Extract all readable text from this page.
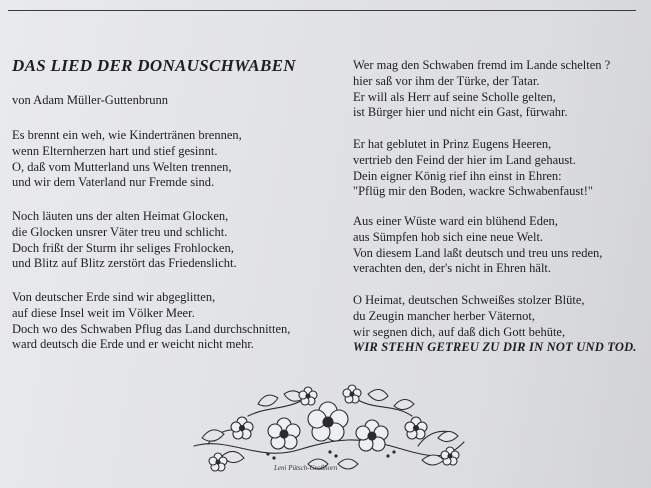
DAS LIED DER DONAUSCHWABEN
von Adam Müller-Guttenbrunn
Es brennt ein weh, wie Kindertränen brennen,
wenn Elternherzen hart und stief gesinnt.
O, daß vom Mutterland uns Welten trennen,
und wir dem Vaterland nur Fremde sind.
Noch läuten uns der alten Heimat Glocken,
die Glocken unsrer Väter treu und schlicht.
Doch frißt der Sturm ihr seliges Frohlocken,
und Blitz auf Blitz zerstört das Friedenslicht.
Von deutscher Erde sind wir abgeglitten,
auf diese Insel weit im Völker Meer.
Doch wo des Schwaben Pflug das Land durchschnitten,
ward deutsch die Erde und er weicht nicht mehr.
Wer mag den Schwaben fremd im Lande schelten ?
hier saß vor ihm der Türke, der Tatar.
Er will als Herr auf seine Scholle gelten,
ist Bürger hier und nicht ein Gast, fürwahr.
Er hat geblutet in Prinz Eugens Heeren,
vertrieb den Feind der hier im Land gehaust.
Dein eigner König rief ihn einst in Ehren:
"Pflüg mir den Boden, wackre Schwabenfaust!"
Aus einer Wüste ward ein blühend Eden,
aus Sümpfen hob sich eine neue Welt.
Von diesem Land laßt deutsch und treu uns reden,
verachten den, der's nicht in Ehren hält.
O Heimat, deutschen Schweißes stolzer Blüte,
du Zeugin mancher herber Väternot,
wir segnen dich, auf daß dich Gott behüte,
WIR STEHN GETREU ZU DIR IN NOT UND TOD.
Leni Pütsch-Großhorn
